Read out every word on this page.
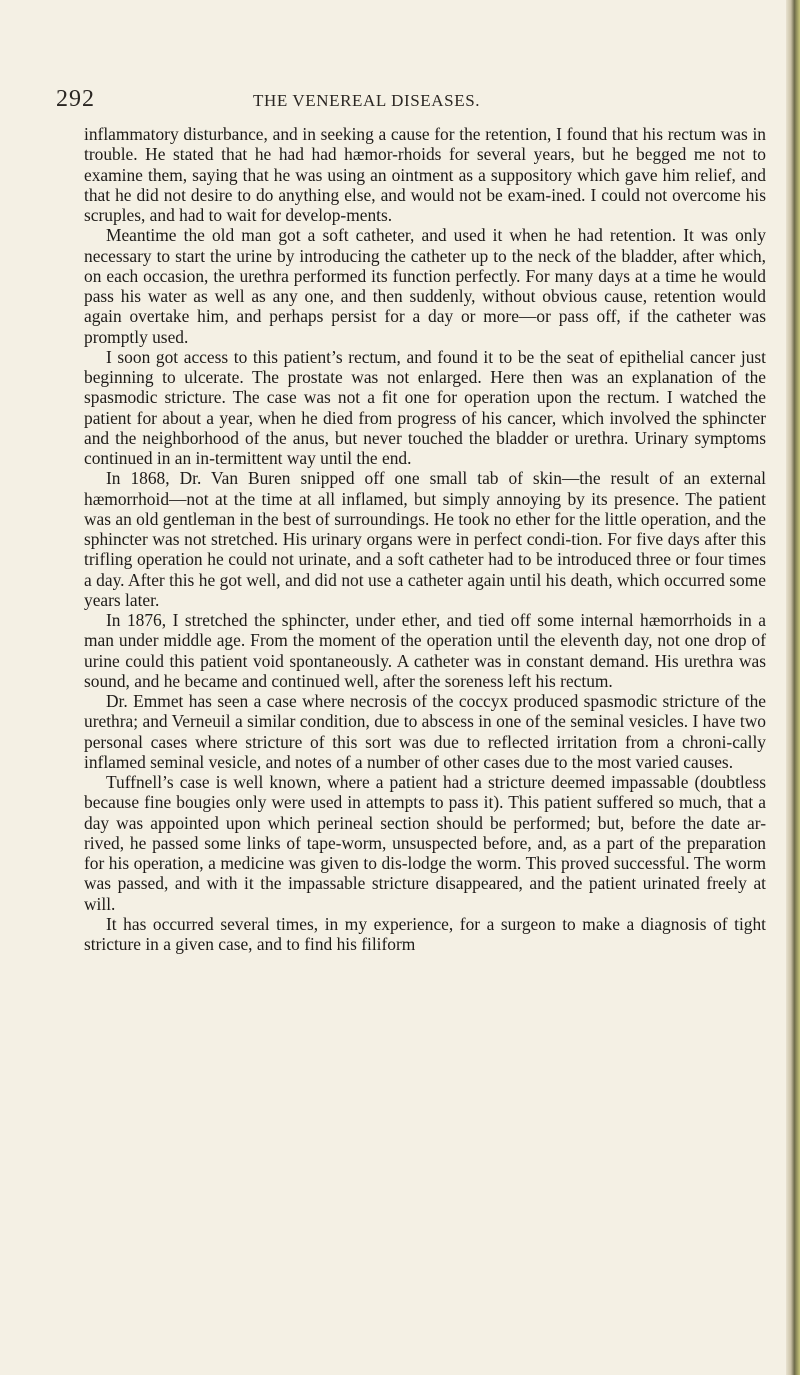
292	THE VENEREAL DISEASES.

inflammatory disturbance, and in seeking a cause for the retention, I found that his rectum was in trouble. He stated that he had had hæmor-rhoids for several years, but he begged me not to examine them, saying that he was using an ointment as a suppository which gave him relief, and that he did not desire to do anything else, and would not be exam-ined. I could not overcome his scruples, and had to wait for develop-ments.

Meantime the old man got a soft catheter, and used it when he had retention. It was only necessary to start the urine by introducing the catheter up to the neck of the bladder, after which, on each occasion, the urethra performed its function perfectly. For many days at a time he would pass his water as well as any one, and then suddenly, without obvious cause, retention would again overtake him, and perhaps persist for a day or more—or pass off, if the catheter was promptly used.

I soon got access to this patient’s rectum, and found it to be the seat of epithelial cancer just beginning to ulcerate. The prostate was not enlarged. Here then was an explanation of the spasmodic stricture. The case was not a fit one for operation upon the rectum. I watched the patient for about a year, when he died from progress of his cancer, which involved the sphincter and the neighborhood of the anus, but never touched the bladder or urethra. Urinary symptoms continued in an in-termittent way until the end.

In 1868, Dr. Van Buren snipped off one small tab of skin—the result of an external hæmorrhoid—not at the time at all inflamed, but simply annoying by its presence. The patient was an old gentleman in the best of surroundings. He took no ether for the little operation, and the sphincter was not stretched. His urinary organs were in perfect condi-tion. For five days after this trifling operation he could not urinate, and a soft catheter had to be introduced three or four times a day. After this he got well, and did not use a catheter again until his death, which occurred some years later.

In 1876, I stretched the sphincter, under ether, and tied off some internal hæmorrhoids in a man under middle age. From the moment of the operation until the eleventh day, not one drop of urine could this patient void spontaneously. A catheter was in constant demand. His urethra was sound, and he became and continued well, after the soreness left his rectum.

Dr. Emmet has seen a case where necrosis of the coccyx produced spasmodic stricture of the urethra; and Verneuil a similar condition, due to abscess in one of the seminal vesicles. I have two personal cases where stricture of this sort was due to reflected irritation from a chroni-cally inflamed seminal vesicle, and notes of a number of other cases due to the most varied causes.

Tuffnell’s case is well known, where a patient had a stricture deemed impassable (doubtless because fine bougies only were used in attempts to pass it). This patient suffered so much, that a day was appointed upon which perineal section should be performed; but, before the date ar-rived, he passed some links of tape-worm, unsuspected before, and, as a part of the preparation for his operation, a medicine was given to dis-lodge the worm. This proved successful. The worm was passed, and with it the impassable stricture disappeared, and the patient urinated freely at will.

It has occurred several times, in my experience, for a surgeon to make a diagnosis of tight stricture in a given case, and to find his filiform
